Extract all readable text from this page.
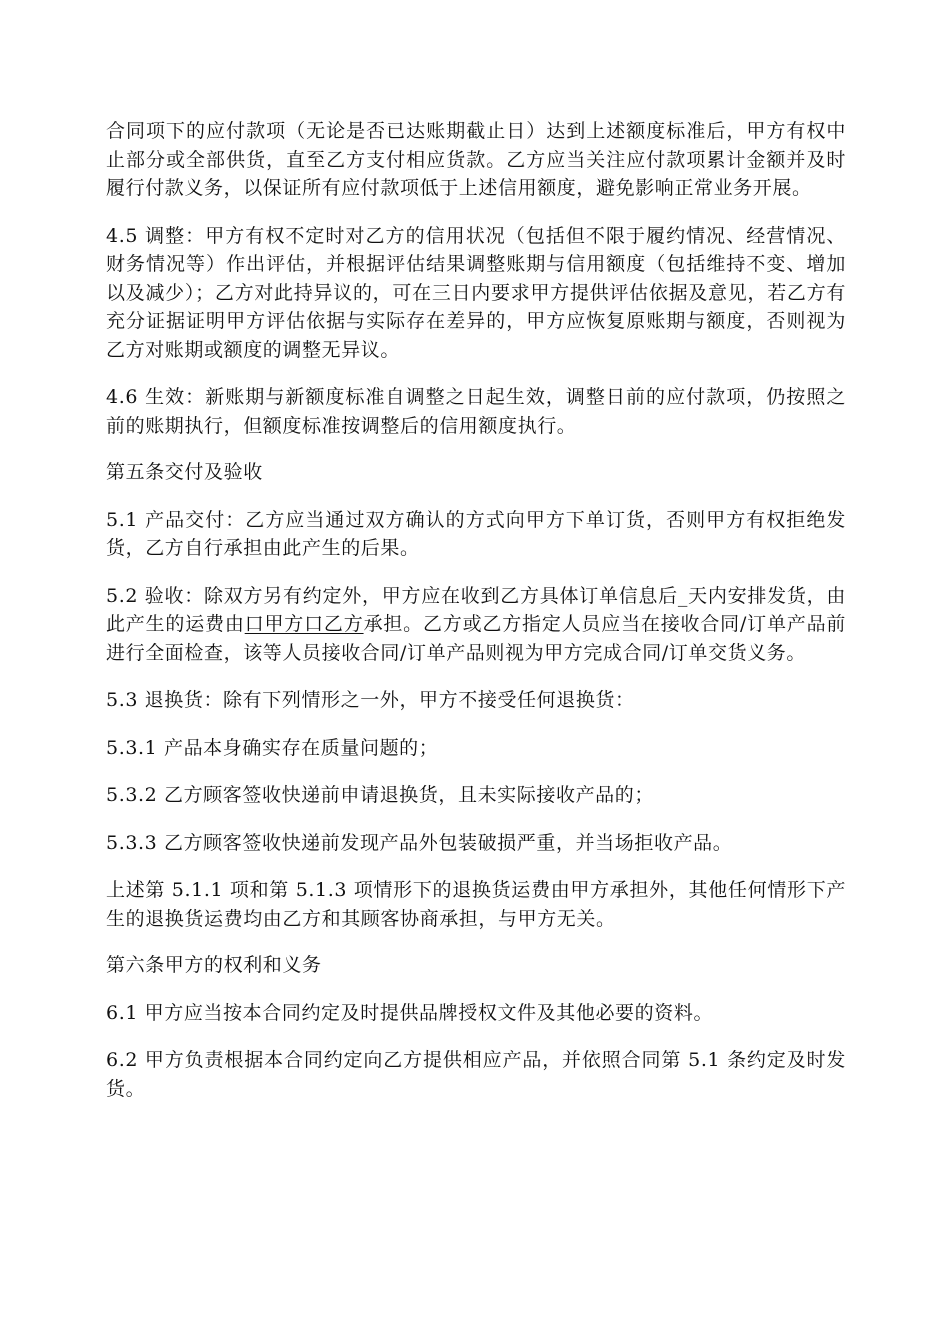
合同项下的应付款项（无论是否已达账期截止日）达到上述额度标准后，甲方有权中止部分或全部供货，直至乙方支付相应货款。乙方应当关注应付款项累计金额并及时履行付款义务，以保证所有应付款项低于上述信用额度，避免影响正常业务开展。

4.5 调整：甲方有权不定时对乙方的信用状况（包括但不限于履约情况、经营情况、财务情况等）作出评估，并根据评估结果调整账期与信用额度（包括维持不变、增加以及减少）；乙方对此持异议的，可在三日内要求甲方提供评估依据及意见，若乙方有充分证据证明甲方评估依据与实际存在差异的，甲方应恢复原账期与额度，否则视为乙方对账期或额度的调整无异议。

4.6 生效：新账期与新额度标准自调整之日起生效，调整日前的应付款项，仍按照之前的账期执行，但额度标准按调整后的信用额度执行。

第五条交付及验收

5.1 产品交付：乙方应当通过双方确认的方式向甲方下单订货，否则甲方有权拒绝发货，乙方自行承担由此产生的后果。

5.2 验收：除双方另有约定外，甲方应在收到乙方具体订单信息后_天内安排发货，由此产生的运费由口甲方口乙方承担。乙方或乙方指定人员应当在接收合同/订单产品前进行全面检查，该等人员接收合同/订单产品则视为甲方完成合同/订单交货义务。

5.3 退换货：除有下列情形之一外，甲方不接受任何退换货：

5.3.1 产品本身确实存在质量问题的；

5.3.2 乙方顾客签收快递前申请退换货，且未实际接收产品的；

5.3.3 乙方顾客签收快递前发现产品外包装破损严重，并当场拒收产品。

上述第 5.1.1 项和第 5.1.3 项情形下的退换货运费由甲方承担外，其他任何情形下产生的退换货运费均由乙方和其顾客协商承担，与甲方无关。

第六条甲方的权利和义务

6.1 甲方应当按本合同约定及时提供品牌授权文件及其他必要的资料。

6.2 甲方负责根据本合同约定向乙方提供相应产品，并依照合同第 5.1 条约定及时发货。
